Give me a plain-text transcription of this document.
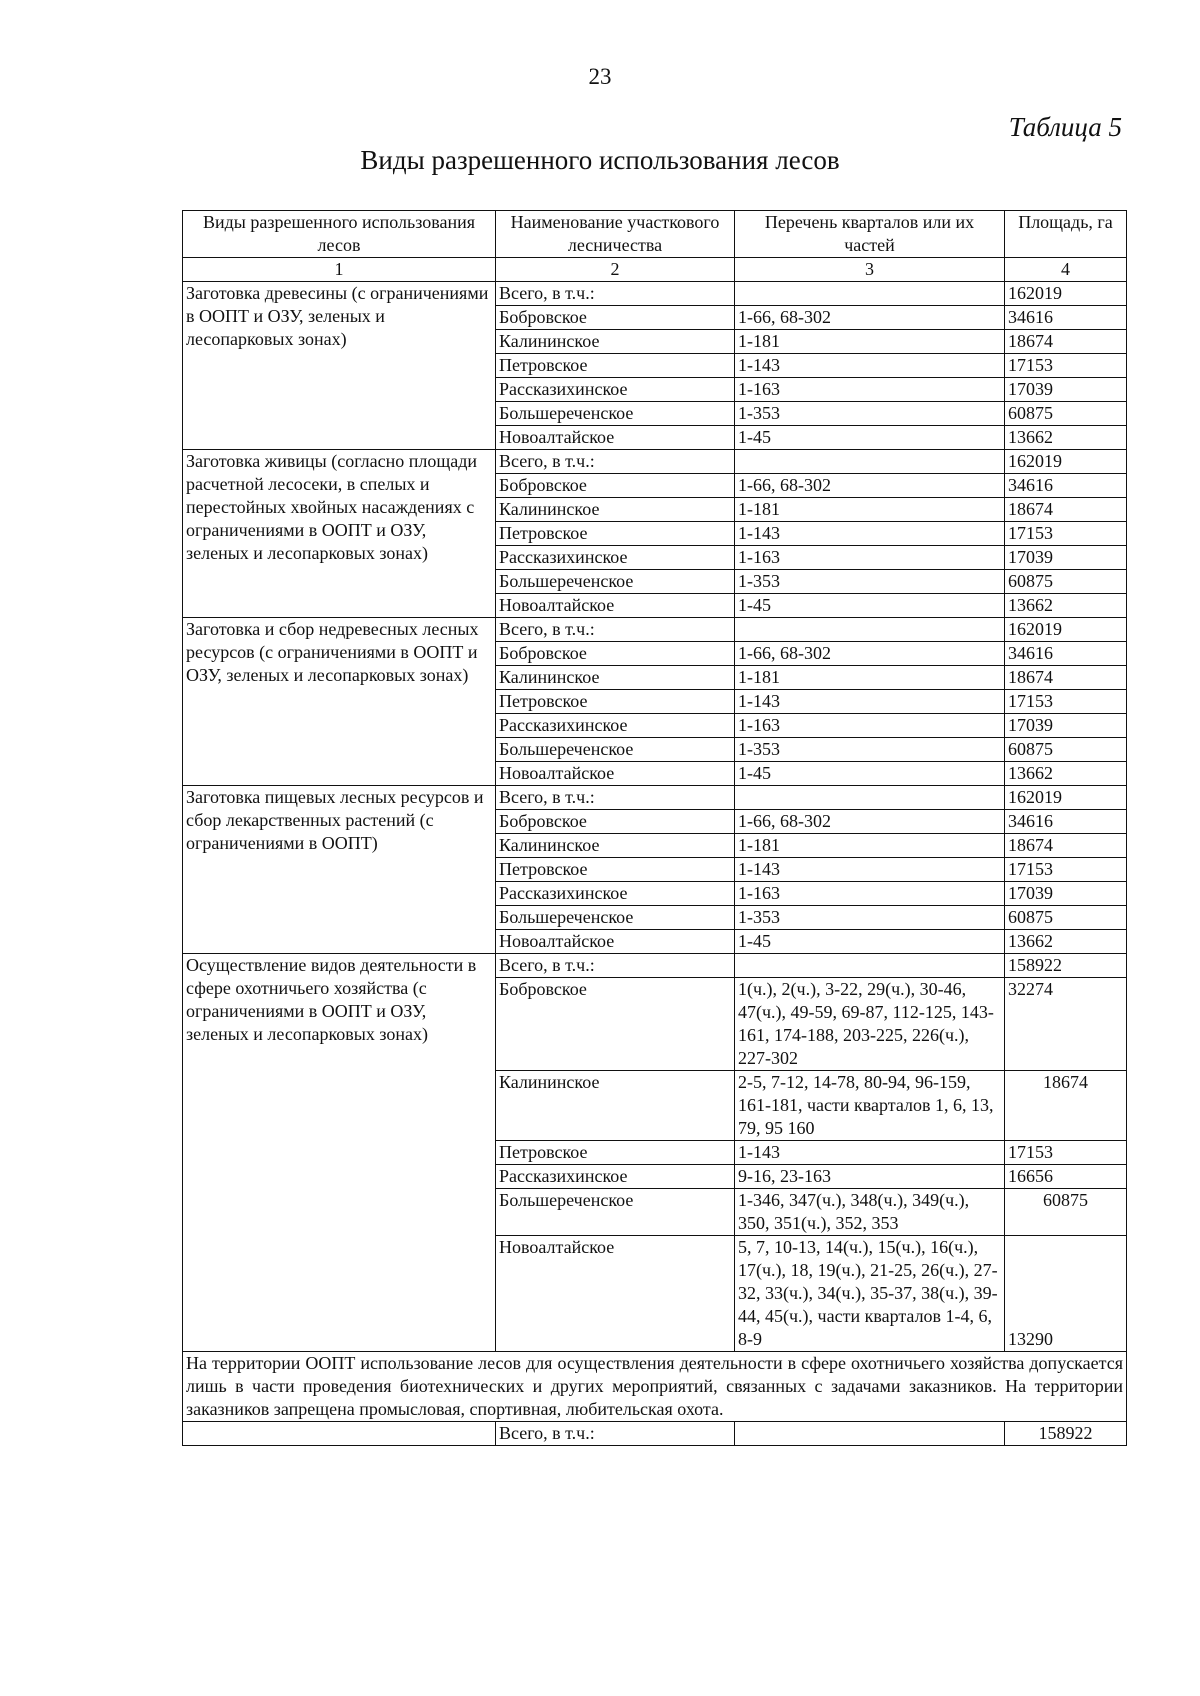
23
Таблица 5
Виды разрешенного использования лесов
Виды разрешенного использования лесов	Наименование участкового лесничества	Перечень кварталов или их частей	Площадь, га
1	2	3	4
Заготовка древесины (с ограничениями в ООПТ и ОЗУ, зеленых и лесопарковых зонах)	Всего, в т.ч.:		162019
	Бобровское	1-66, 68-302	34616
	Калининское	1-181	18674
	Петровское	1-143	17153
	Рассказихинское	1-163	17039
	Большереченское	1-353	60875
	Новоалтайское	1-45	13662
Заготовка живицы (согласно площади расчетной лесосеки, в спелых и перестойных хвойных насаждениях с ограничениями в ООПТ и ОЗУ, зеленых и лесопарковых зонах)	Всего, в т.ч.:		162019
	Бобровское	1-66, 68-302	34616
	Калининское	1-181	18674
	Петровское	1-143	17153
	Рассказихинское	1-163	17039
	Большереченское	1-353	60875
	Новоалтайское	1-45	13662
Заготовка и сбор недревесных лесных ресурсов (с ограничениями в ООПТ и ОЗУ, зеленых и лесопарковых зонах)	Всего, в т.ч.:		162019
	Бобровское	1-66, 68-302	34616
	Калининское	1-181	18674
	Петровское	1-143	17153
	Рассказихинское	1-163	17039
	Большереченское	1-353	60875
	Новоалтайское	1-45	13662
Заготовка пищевых лесных ресурсов и сбор лекарственных растений (с ограничениями в ООПТ)	Всего, в т.ч.:		162019
	Бобровское	1-66, 68-302	34616
	Калининское	1-181	18674
	Петровское	1-143	17153
	Рассказихинское	1-163	17039
	Большереченское	1-353	60875
	Новоалтайское	1-45	13662
Осуществление видов деятельности в сфере охотничьего хозяйства (с ограничениями в ООПТ и ОЗУ, зеленых и лесопарковых зонах)	Всего, в т.ч.:		158922
	Бобровское	1(ч.), 2(ч.), 3-22, 29(ч.), 30-46, 47(ч.), 49-59, 69-87, 112-125, 143-161, 174-188, 203-225, 226(ч.), 227-302	32274
	Калининское	2-5, 7-12, 14-78, 80-94, 96-159, 161-181, части кварталов 1, 6, 13, 79, 95 160	18674
	Петровское	1-143	17153
	Рассказихинское	9-16, 23-163	16656
	Большереченское	1-346, 347(ч.), 348(ч.), 349(ч.), 350, 351(ч.), 352, 353	60875
	Новоалтайское	5, 7, 10-13, 14(ч.), 15(ч.), 16(ч.), 17(ч.), 18, 19(ч.), 21-25, 26(ч.), 27-32, 33(ч.), 34(ч.), 35-37, 38(ч.), 39-44, 45(ч.), части кварталов 1-4, 6, 8-9	13290
На территории ООПТ использование лесов для осуществления деятельности в сфере охотничьего хозяйства допускается лишь в части проведения биотехнических и других мероприятий, связанных с задачами заказников. На территории заказников запрещена промысловая, спортивная, любительская охота.			
	Всего, в т.ч.:		158922
